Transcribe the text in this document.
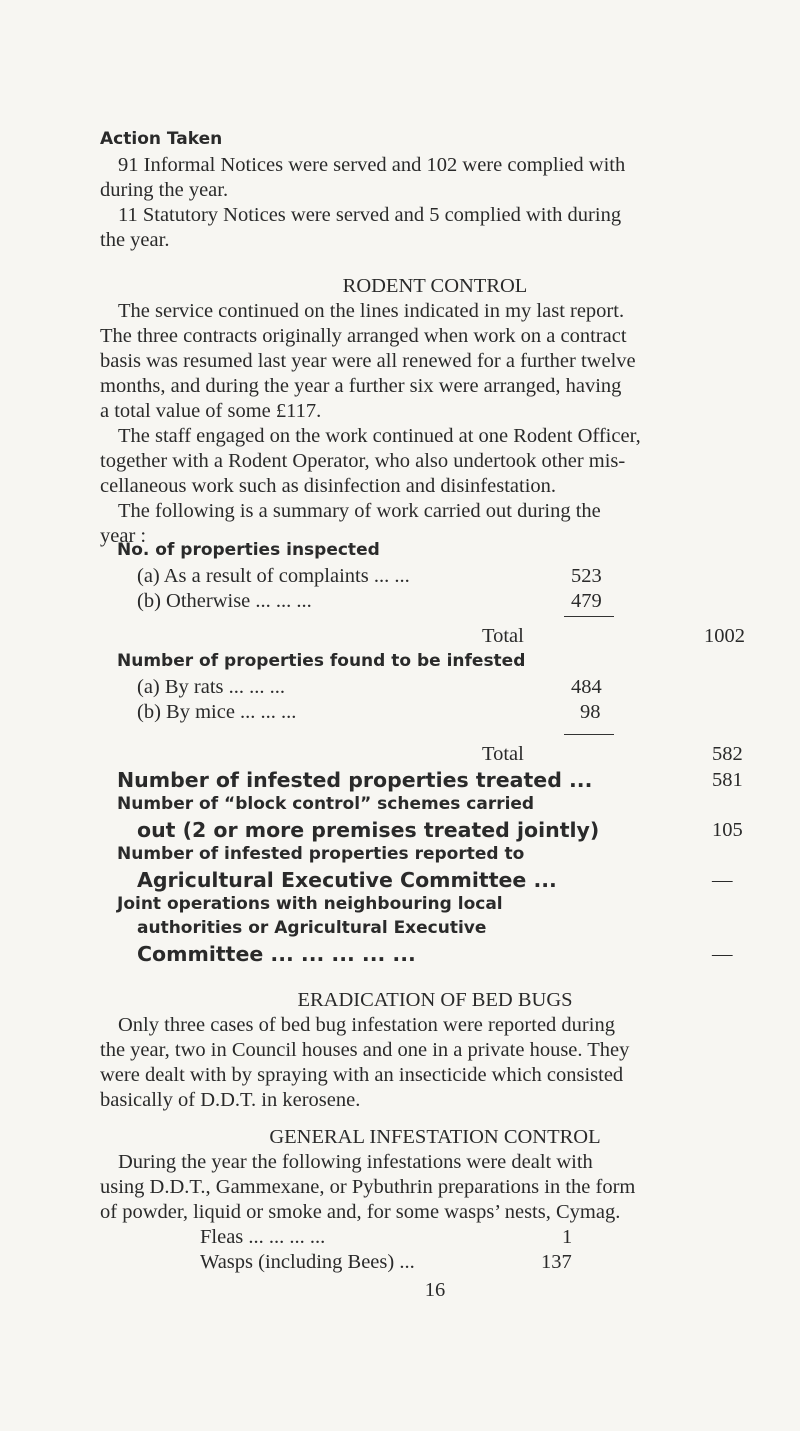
Action Taken
91 Informal Notices were served and 102 were complied with
during the year.
11 Statutory Notices were served and 5 complied with during
the year.
RODENT CONTROL
The service continued on the lines indicated in my last report.
The three contracts originally arranged when work on a contract
basis was resumed last year were all renewed for a further twelve
months, and during the year a further six were arranged, having
a total value of some £117.
The staff engaged on the work continued at one Rodent Officer,
together with a Rodent Operator, who also undertook other mis-
cellaneous work such as disinfection and disinfestation.
The following is a summary of work carried out during the
year :
No. of properties inspected
(a) As a result of complaints ... ...	523
(b) Otherwise ... ... ...	479
Total	1002
Number of properties found to be infested
(a) By rats ... ... ...	484
(b) By mice ... ... ...	98
Total	582
Number of infested properties treated ...	581
Number of “block control” schemes carried
out (2 or more premises treated jointly)	105
Number of infested properties reported to
Agricultural Executive Committee ...	—
Joint operations with neighbouring local
authorities or Agricultural Executive
Committee ... ... ... ... ...	—
ERADICATION OF BED BUGS
Only three cases of bed bug infestation were reported during
the year, two in Council houses and one in a private house. They
were dealt with by spraying with an insecticide which consisted
basically of D.D.T. in kerosene.
GENERAL INFESTATION CONTROL
During the year the following infestations were dealt with
using D.D.T., Gammexane, or Pybuthrin preparations in the form
of powder, liquid or smoke and, for some wasps’ nests, Cymag.
Fleas ... ... ... ...	1
Wasps (including Bees) ...	137
16
